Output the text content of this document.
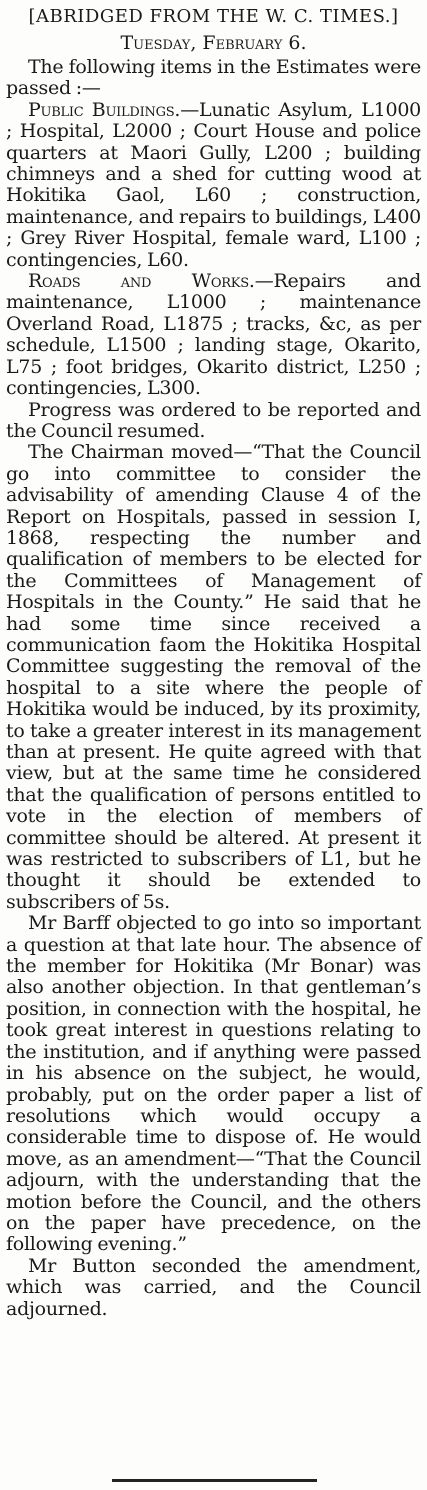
[ABRIDGED FROM THE W. C. TIMES.]

Tuesday, February 6.

The following items in the Estimates were passed :—

Public Buildings.—Lunatic Asylum, L1000 ; Hospital, L2000 ; Court House and police quarters at Maori Gully, L200 ; building chimneys and a shed for cutting wood at Hokitika Gaol, L60 ; construction, maintenance, and repairs to buildings, L400 ; Grey River Hospital, female ward, L100 ; contingencies, L60.

Roads and Works.—Repairs and maintenance, L1000 ; maintenance Overland Road, L1875 ; tracks, &c, as per schedule, L1500 ; landing stage, Okarito, L75 ; foot bridges, Okarito district, L250 ; contingencies, L300.

Progress was ordered to be reported and the Council resumed.

The Chairman moved—“That the Council go into committee to consider the advisability of amending Clause 4 of the Report on Hospitals, passed in session I, 1868, respecting the number and qualification of members to be elected for the Committees of Management of Hospitals in the County.” He said that he had some time since received a communication faom the Hokitika Hospital Committee suggesting the removal of the hospital to a site where the people of Hokitika would be induced, by its proximity, to take a greater interest in its management than at present. He quite agreed with that view, but at the same time he considered that the qualification of persons entitled to vote in the election of members of committee should be altered. At present it was restricted to subscribers of L1, but he thought it should be extended to subscribers of 5s.

Mr Barff objected to go into so important a question at that late hour. The absence of the member for Hokitika (Mr Bonar) was also another objection. In that gentleman’s position, in connection with the hospital, he took great interest in questions relating to the institution, and if anything were passed in his absence on the subject, he would, probably, put on the order paper a list of resolutions which would occupy a considerable time to dispose of. He would move, as an amendment—“That the Council adjourn, with the understanding that the motion before the Council, and the others on the paper have precedence, on the following evening.”

Mr Button seconded the amendment, which was carried, and the Council adjourned.
